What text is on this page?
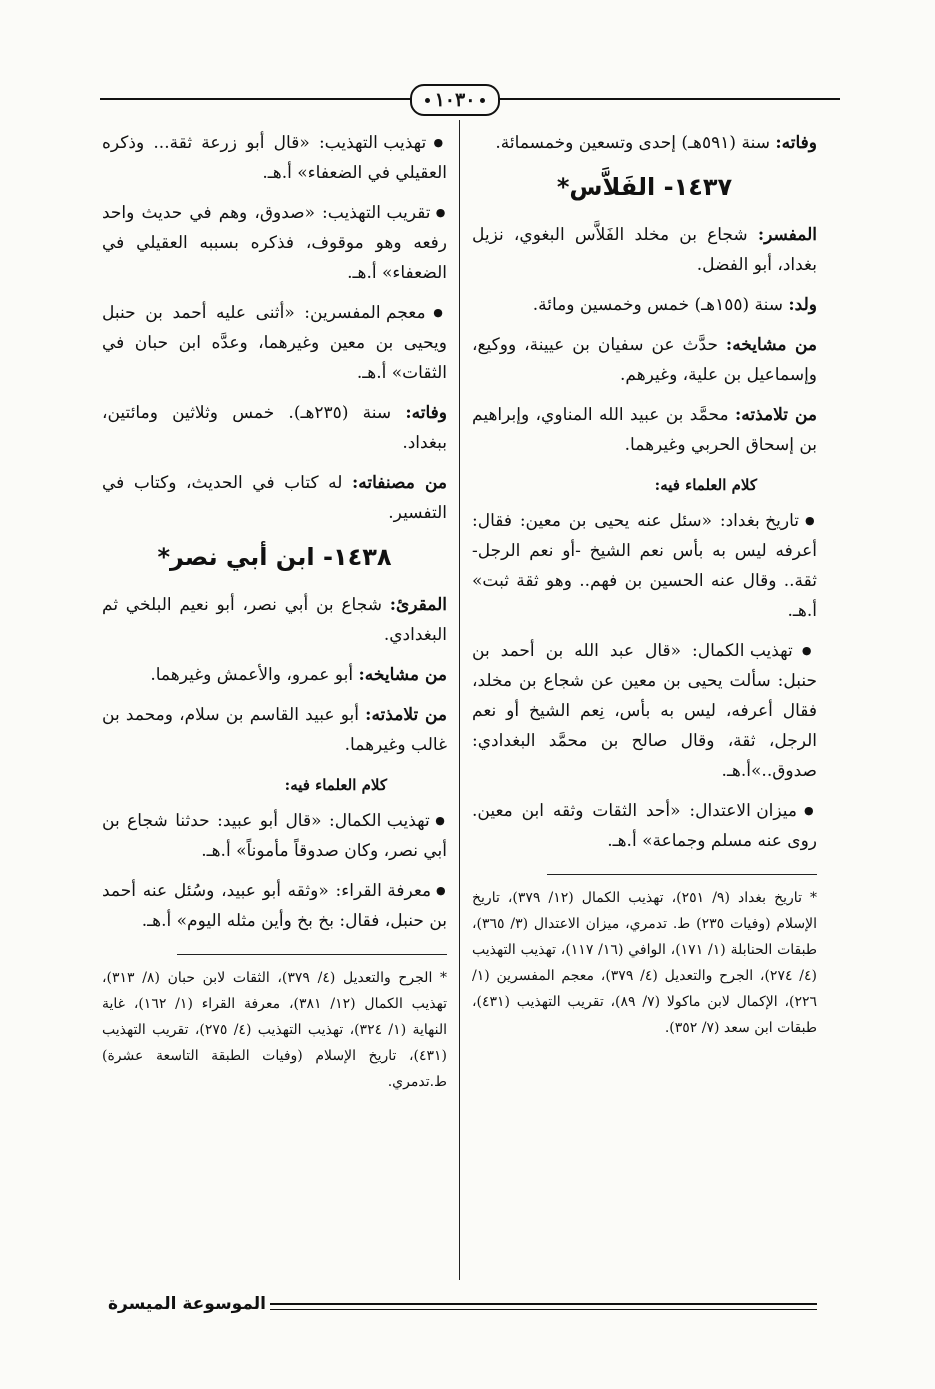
١٠٣٠

وفاته: سنة (٥٩١هـ) إحدى وتسعين وخمسمائة.

١٤٣٧- الفَلاَّس*

المفسر: شجاع بن مخلد الفَلاَّس البغوي، نزيل بغداد، أبو الفضل.

ولد: سنة (١٥٥هـ) خمس وخمسين ومائة.

من مشايخه: حدَّث عن سفيان بن عيينة، ووكيع، وإسماعيل بن علية، وغيرهم.

من تلامذته: محمَّد بن عبيد الله المناوي، وإبراهيم بن إسحاق الحربي وغيرهما.

كلام العلماء فيه:

● تاريخ بغداد: «سئل عنه يحيى بن معين: فقال: أعرفه ليس به بأس نعم الشيخ -أو نعم الرجل- ثقة.. وقال عنه الحسين بن فهم.. وهو ثقة ثبت» أ.هـ.

● تهذيب الكمال: «قال عبد الله بن أحمد بن حنبل: سألت يحيى بن معين عن شجاع بن مخلد، فقال أعرفه، ليس به بأس، نِعم الشيخ أو نعم الرجل، ثقة، وقال صالح بن محمَّد البغدادي: صدوق..»أ.هـ.

● ميزان الاعتدال: «أحد الثقات وثقه ابن معين. روى عنه مسلم وجماعة» أ.هـ.

* تاريخ بغداد (٩/ ٢٥١)، تهذيب الكمال (١٢/ ٣٧٩)، تاريخ الإسلام (وفيات ٢٣٥) ط. تدمري، ميزان الاعتدال (٣/ ٣٦٥)، طبقات الحنابلة (١/ ١٧١)، الوافي (١٦/ ١١٧)، تهذيب التهذيب (٤/ ٢٧٤)، الجرح والتعديل (٤/ ٣٧٩)، معجم المفسرين (١/ ٢٢٦)، الإكمال لابن ماكولا (٧/ ٨٩)، تقريب التهذيب (٤٣١)، طبقات ابن سعد (٧/ ٣٥٢).

● تهذيب التهذيب: «قال أبو زرعة ثقة... وذكره العقيلي في الضعفاء» أ.هـ.

● تقريب التهذيب: «صدوق، وهم في حديث واحد رفعه وهو موقوف، فذكره بسببه العقيلي في الضعفاء» أ.هـ.

● معجم المفسرين: «أثنى عليه أحمد بن حنبل ويحيى بن معين وغيرهما، وعدَّه ابن حبان في الثقات» أ.هـ.

وفاته: سنة (٢٣٥هـ). خمس وثلاثين ومائتين، ببغداد.

من مصنفاته: له كتاب في الحديث، وكتاب في التفسير.

١٤٣٨- ابن أبي نصر*

المقرئ: شجاع بن أبي نصر، أبو نعيم البلخي ثم البغدادي.

من مشايخه: أبو عمرو، والأعمش وغيرهما.

من تلامذته: أبو عبيد القاسم بن سلام، ومحمد بن غالب وغيرهما.

كلام العلماء فيه:

● تهذيب الكمال: «قال أبو عبيد: حدثنا شجاع بن أبي نصر، وكان صدوقاً مأموناً» أ.هـ.

● معرفة القراء: «وثقه أبو عبيد، وسُئل عنه أحمد بن حنبل، فقال: بخ بخ وأين مثله اليوم» أ.هـ.

* الجرح والتعديل (٤/ ٣٧٩)، الثقات لابن حبان (٨/ ٣١٣)، تهذيب الكمال (١٢/ ٣٨١)، معرفة القراء (١/ ١٦٢)، غاية النهاية (١/ ٣٢٤)، تهذيب التهذيب (٤/ ٢٧٥)، تقريب التهذيب (٤٣١)، تاريخ الإسلام (وفيات الطبقة التاسعة عشرة) ط.تدمري.

الموسوعة الميسرة
